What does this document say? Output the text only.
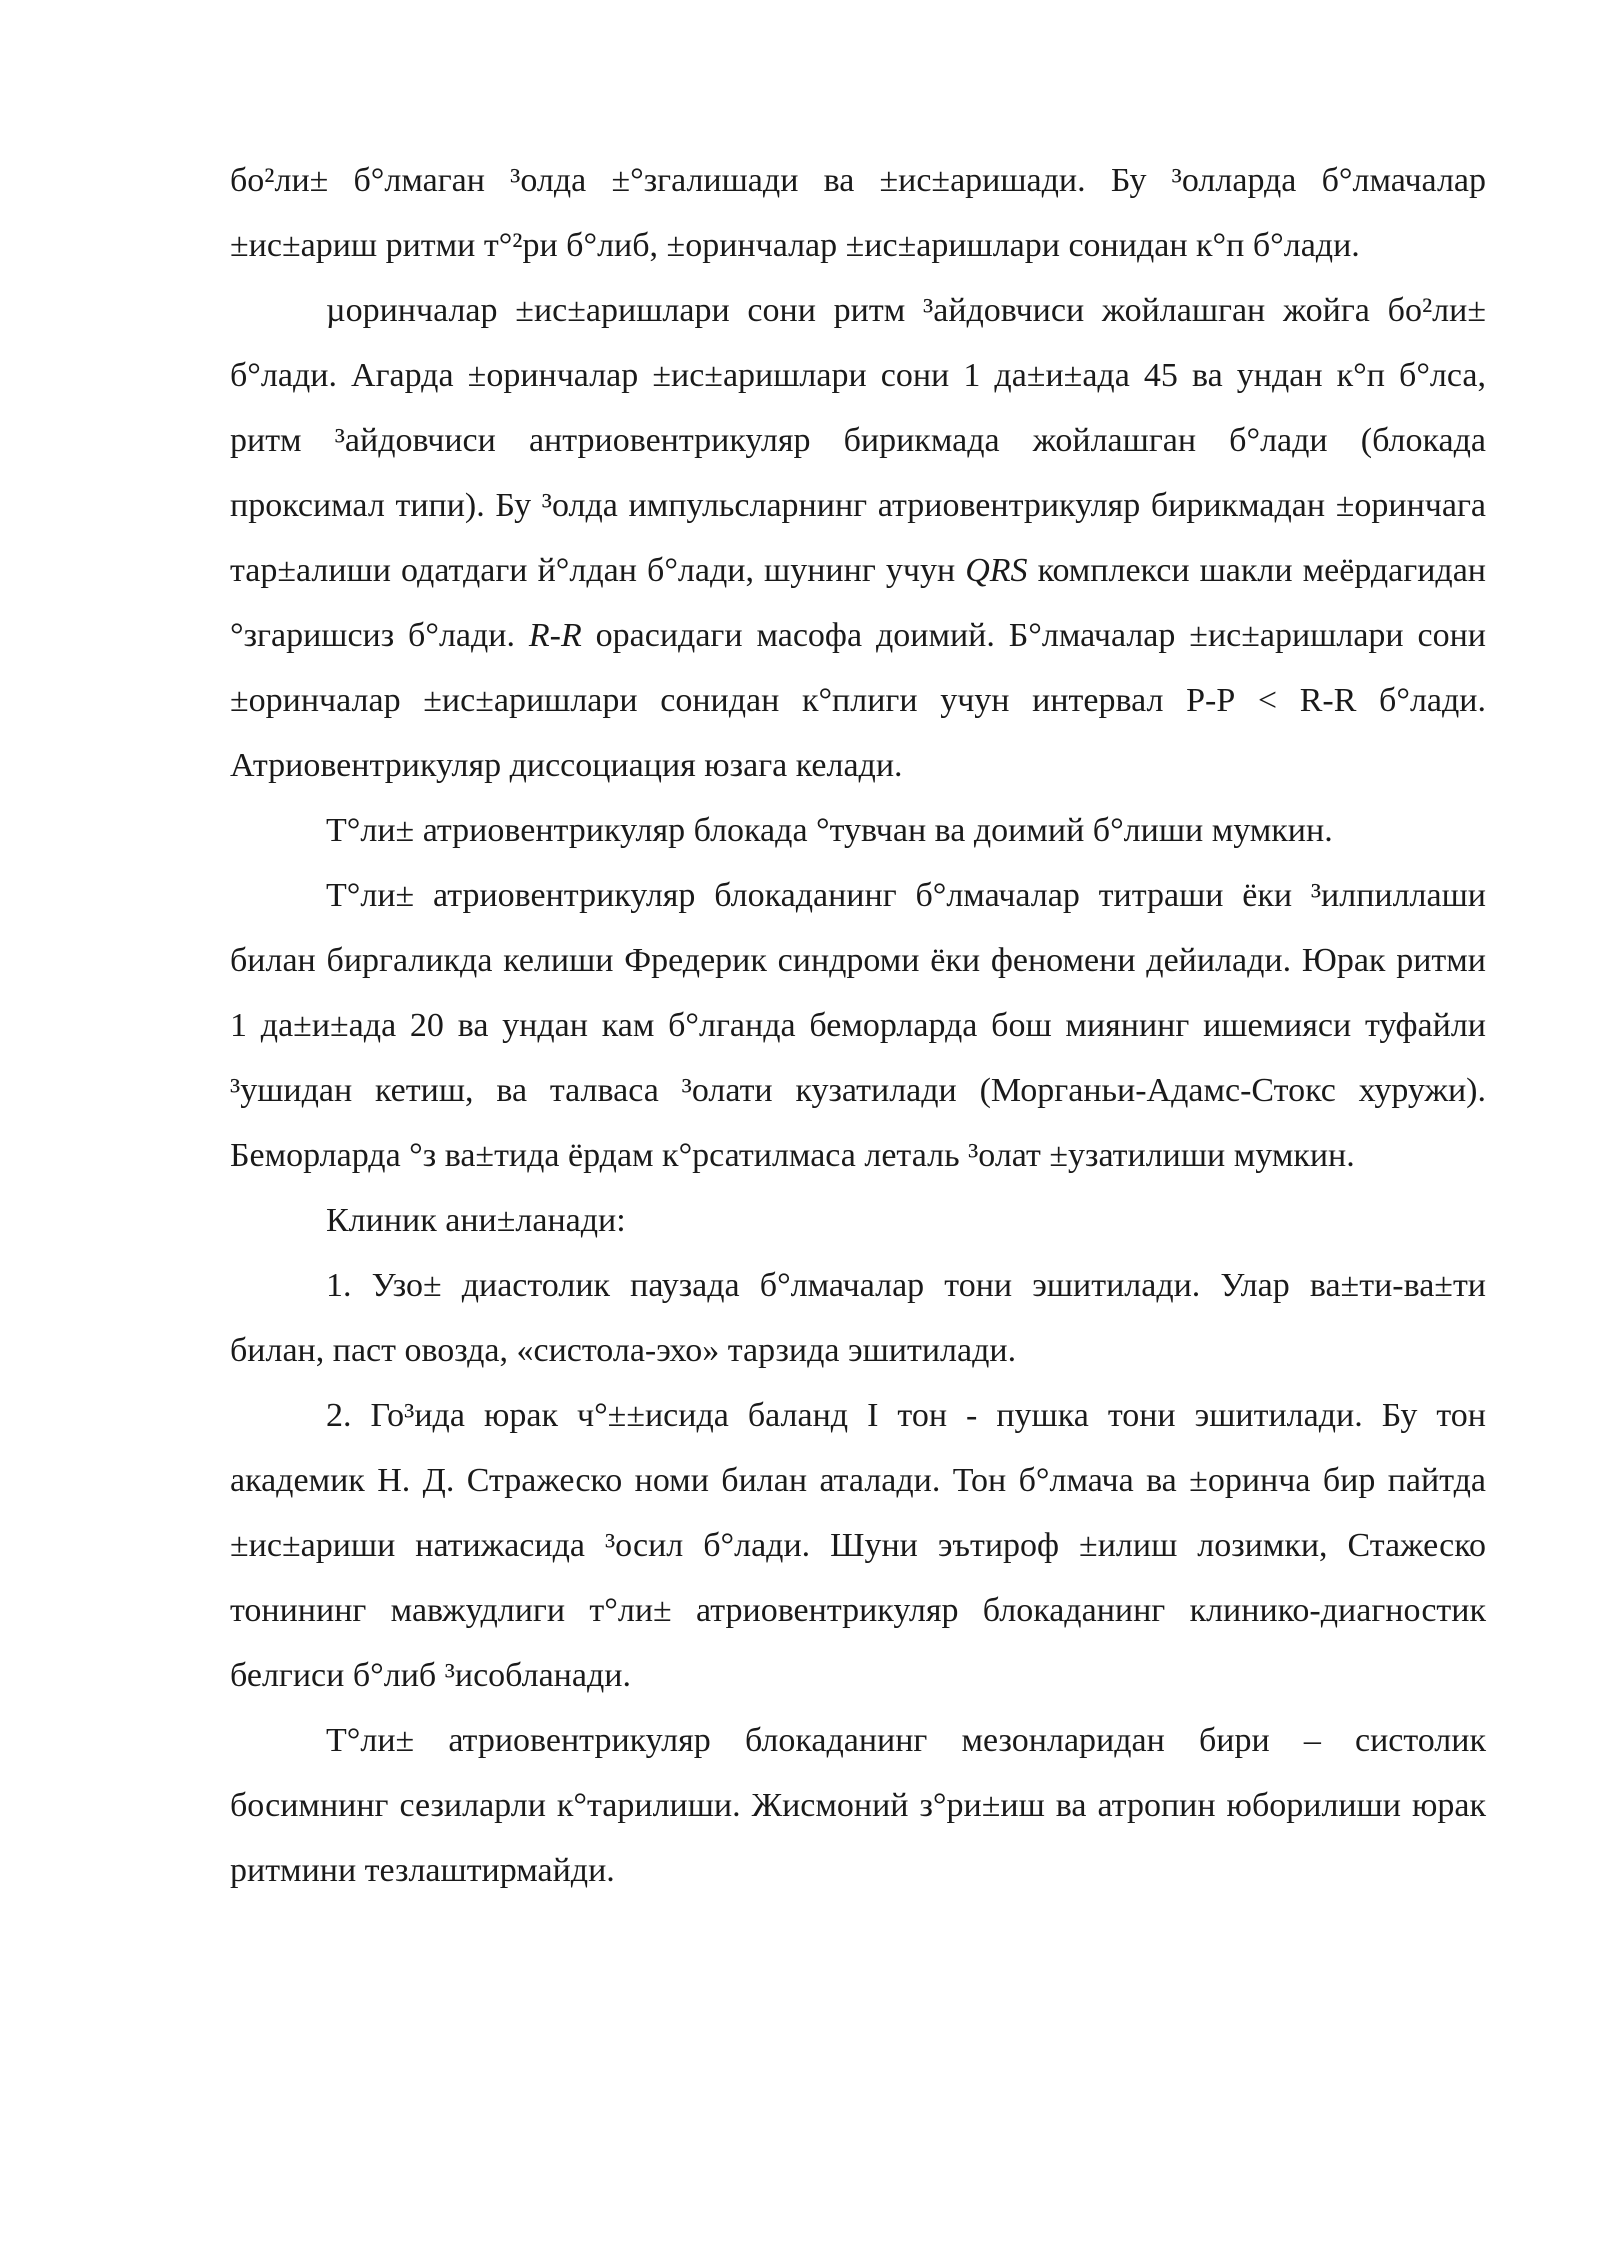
бо²ли± б°лмаган ³олда ±°згалишади ва ±ис±аришади. Бу ³олларда б°лмачалар ±ис±ариш ритми т°²ри б°либ, ±оринчалар ±ис±аришлари сонидан к°п б°лади.

µоринчалар ±ис±аришлари сони ритм ³айдовчиси жойлашган жойга бо²ли± б°лади. Агарда ±оринчалар ±ис±аришлари сони 1 да±и±ада 45 ва ундан к°п б°лса, ритм ³айдовчиси антриовентрикуляр бирикмада жойлашган б°лади (блокада проксимал типи). Бу ³олда импульсларнинг атриовентрикуляр бирикмадан ±оринчага тар±алиши одатдаги й°лдан б°лади, шунинг учун QRS комплекси шакли меёрдагидан °згаришсиз б°лади. R-R орасидаги масофа доимий. Б°лмачалар ±ис±аришлари сони ±оринчалар ±ис±аришлари сонидан к°плиги учун интервал Р-Р < R-R б°лади. Атриовентрикуляр диссоциация юзага келади.

Т°ли± атриовентрикуляр блокада °тувчан ва доимий б°лиши мумкин.

Т°ли± атриовентрикуляр блокаданинг б°лмачалар титраши ёки ³илпиллаши билан биргаликда келиши Фредерик синдроми ёки феномени дейилади. Юрак ритми 1 да±и±ада 20 ва ундан кам б°лганда беморларда бош миянинг ишемияси туфайли ³ушидан кетиш, ва талваса ³олати кузатилади (Морганьи-Адамс-Стокс хуружи). Беморларда °з ва±тида ёрдам к°рсатилмаса леталь ³олат ±узатилиши мумкин.

Клиник ани±ланади:

1. Узо± диастолик паузада б°лмачалар тони эшитилади. Улар ва±ти-ва±ти билан, паст овозда, «систола-эхо» тарзида эшитилади.

2. Го³ида юрак ч°±±исида баланд I тон - пушка тони эшитилади. Бу тон академик Н. Д. Стражеско номи билан аталади. Тон б°лмача ва ±оринча бир пайтда ±ис±ариши натижасида ³осил б°лади. Шуни эътироф ±илиш лозимки, Стажеско тонининг мавжудлиги т°ли± атриовентрикуляр блокаданинг клинико-диагностик белгиси б°либ ³исобланади.

Т°ли± атриовентрикуляр блокаданинг мезонларидан бири – систолик босимнинг сезиларли к°тарилиши. Жисмоний з°ри±иш ва атропин юборилиши юрак ритмини тезлаштирмайди.
